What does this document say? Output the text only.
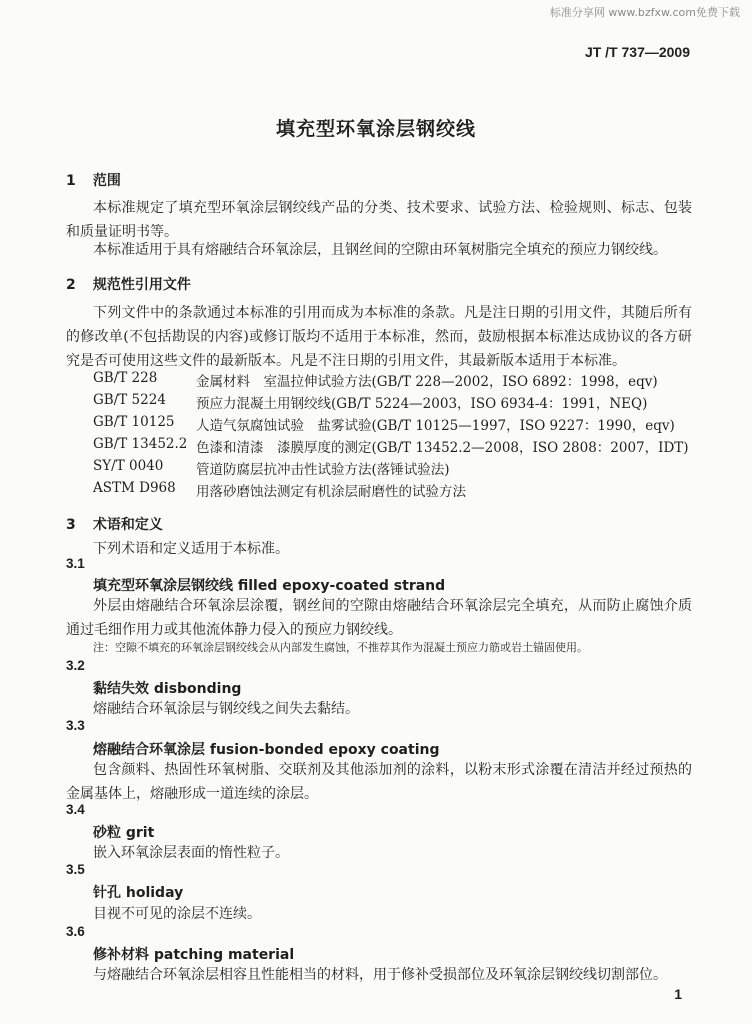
标准分享网 www.bzfxw.com免费下载
JT /T 737—2009
填充型环氧涂层钢绞线
1 范围
本标准规定了填充型环氧涂层钢绞线产品的分类、技术要求、试验方法、检验规则、标志、包装和质量证明书等。
本标准适用于具有熔融结合环氧涂层，且钢丝间的空隙由环氧树脂完全填充的预应力钢绞线。
2 规范性引用文件
下列文件中的条款通过本标准的引用而成为本标准的条款。凡是注日期的引用文件，其随后所有的修改单(不包括勘误的内容)或修订版均不适用于本标准，然而，鼓励根据本标准达成协议的各方研究是否可使用这些文件的最新版本。凡是不注日期的引用文件，其最新版本适用于本标准。
GB/T 228	金属材料　室温拉伸试验方法(GB/T 228—2002，ISO 6892：1998，eqv)
GB/T 5224 预应力混凝土用钢绞线(GB/T 5224—2003，ISO 6934-4：1991，NEQ)
GB/T 10125 人造气氛腐蚀试验　盐雾试验(GB/T 10125—1997，ISO 9227：1990，eqv)
GB/T 13452.2 色漆和清漆　漆膜厚度的测定(GB/T 13452.2—2008，ISO 2808：2007，IDT)
SY/T 0040 管道防腐层抗冲击性试验方法(落锤试验法)
ASTM D968 用落砂磨蚀法测定有机涂层耐磨性的试验方法
3 术语和定义
下列术语和定义适用于本标准。
3.1
填充型环氧涂层钢绞线 filled epoxy-coated strand
外层由熔融结合环氧涂层涂覆，钢丝间的空隙由熔融结合环氧涂层完全填充，从而防止腐蚀介质通过毛细作用力或其他流体静力侵入的预应力钢绞线。
注：空隙不填充的环氧涂层钢绞线会从内部发生腐蚀，不推荐其作为混凝土预应力筋或岩土锚固使用。
3.2
黏结失效 disbonding
熔融结合环氧涂层与钢绞线之间失去黏结。
3.3
熔融结合环氧涂层 fusion-bonded epoxy coating
包含颜料、热固性环氧树脂、交联剂及其他添加剂的涂料，以粉末形式涂覆在清洁并经过预热的金属基体上，熔融形成一道连续的涂层。
3.4
砂粒 grit
嵌入环氧涂层表面的惰性粒子。
3.5
针孔 holiday
目视不可见的涂层不连续。
3.6
修补材料 patching material
与熔融结合环氧涂层相容且性能相当的材料，用于修补受损部位及环氧涂层钢绞线切割部位。
1
